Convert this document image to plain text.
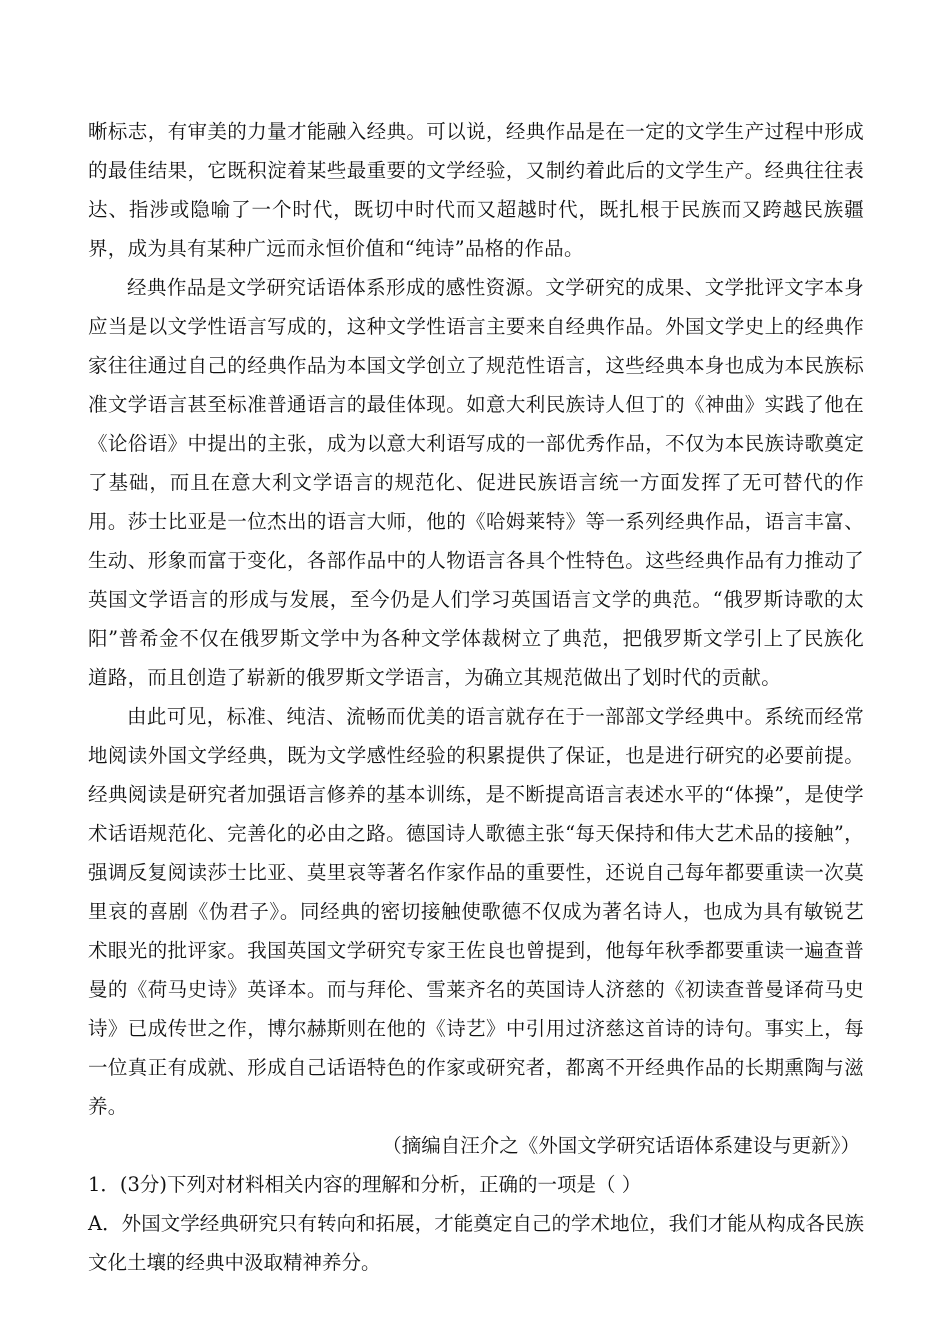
晰标志，有审美的力量才能融入经典。可以说，经典作品是在一定的文学生产过程中形成的最佳结果，它既积淀着某些最重要的文学经验，又制约着此后的文学生产。经典往往表达、指涉或隐喻了一个时代，既切中时代而又超越时代，既扎根于民族而又跨越民族疆界，成为具有某种广远而永恒价值和“纯诗”品格的作品。

经典作品是文学研究话语体系形成的感性资源。文学研究的成果、文学批评文字本身应当是以文学性语言写成的，这种文学性语言主要来自经典作品。外国文学史上的经典作家往往通过自己的经典作品为本国文学创立了规范性语言，这些经典本身也成为本民族标准文学语言甚至标准普通语言的最佳体现。如意大利民族诗人但丁的《神曲》实践了他在《论俗语》中提出的主张，成为以意大利语写成的一部优秀作品，不仅为本民族诗歌奠定了基础，而且在意大利文学语言的规范化、促进民族语言统一方面发挥了无可替代的作用。莎士比亚是一位杰出的语言大师，他的《哈姆莱特》等一系列经典作品，语言丰富、生动、形象而富于变化，各部作品中的人物语言各具个性特色。这些经典作品有力推动了英国文学语言的形成与发展，至今仍是人们学习英国语言文学的典范。“俄罗斯诗歌的太阳”普希金不仅在俄罗斯文学中为各种文学体裁树立了典范，把俄罗斯文学引上了民族化道路，而且创造了崭新的俄罗斯文学语言，为确立其规范做出了划时代的贡献。

由此可见，标准、纯洁、流畅而优美的语言就存在于一部部文学经典中。系统而经常地阅读外国文学经典，既为文学感性经验的积累提供了保证，也是进行研究的必要前提。经典阅读是研究者加强语言修养的基本训练，是不断提高语言表述水平的“体操”，是使学术话语规范化、完善化的必由之路。德国诗人歌德主张“每天保持和伟大艺术品的接触”，强调反复阅读莎士比亚、莫里哀等著名作家作品的重要性，还说自己每年都要重读一次莫里哀的喜剧《伪君子》。同经典的密切接触使歌德不仅成为著名诗人，也成为具有敏锐艺术眼光的批评家。我国英国文学研究专家王佐良也曾提到，他每年秋季都要重读一遍查普曼的《荷马史诗》英译本。而与拜伦、雪莱齐名的英国诗人济慈的《初读查普曼译荷马史诗》已成传世之作，博尔赫斯则在他的《诗艺》中引用过济慈这首诗的诗句。事实上，每一位真正有成就、形成自己话语特色的作家或研究者，都离不开经典作品的长期熏陶与滋养。

（摘编自汪介之《外国文学研究话语体系建设与更新》）

1．(3分)下列对材料相关内容的理解和分析，正确的一项是（ ）

A．外国文学经典研究只有转向和拓展，才能奠定自己的学术地位，我们才能从构成各民族文化土壤的经典中汲取精神养分。
